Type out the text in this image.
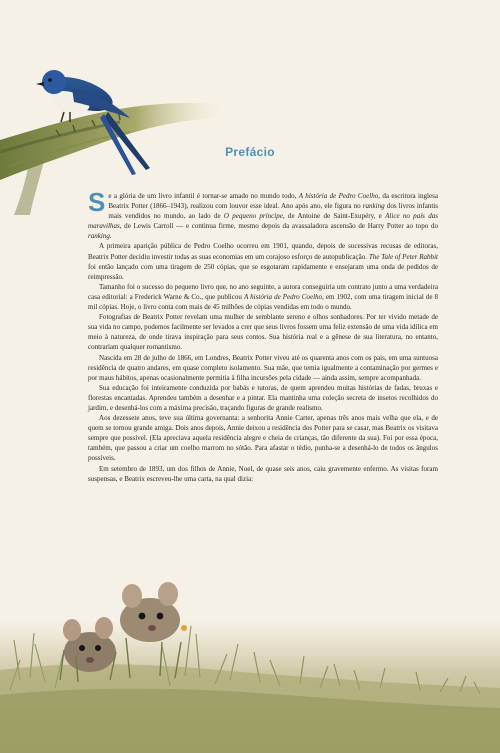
Prefácio

Se a glória de um livro infantil é tornar-se amado no mundo todo, A história de Pedro Coelho, da escritora inglesa Beatrix Potter (1866–1943), realizou com louvor esse ideal. Ano após ano, ele figura no ranking dos livros infantis mais vendidos no mundo, ao lado de O pequeno príncipe, de Antoine de Saint-Exupéry, e Alice no país das maravilhas, de Lewis Carroll — e continua firme, mesmo depois da avassaladora ascensão de Harry Potter ao topo do ranking.

A primeira aparição pública de Pedro Coelho ocorreu em 1901, quando, depois de sucessivas recusas de editoras, Beatrix Potter decidiu investir todas as suas economias em um corajoso esforço de autopublicação. The Tale of Peter Rabbit foi então lançado com uma tiragem de 250 cópias, que se esgotaram rapidamente e ensejaram uma onda de pedidos de reimpressão.

Tamanho foi o sucesso do pequeno livro que, no ano seguinte, a autora conseguiria um contrato junto a uma verdadeira casa editorial: a Frederick Warne & Co., que publicou A história de Pedro Coelho, em 1902, com uma tiragem inicial de 8 mil cópias. Hoje, o livro conta com mais de 45 milhões de cópias vendidas em todo o mundo.

Fotografias de Beatrix Potter revelam uma mulher de semblante sereno e olhos sonhadores. Por ter vivido metade de sua vida no campo, podemos facilmente ser levados a crer que seus livros fossem uma feliz extensão de uma vida idílica em meio à natureza, de onde tirava inspiração para seus contos. Sua história real e a gênese de sua literatura, no entanto, contrariam qualquer romantismo.

Nascida em 28 de julho de 1866, em Londres, Beatrix Potter viveu até os quarenta anos com os pais, em uma suntuosa residência de quatro andares, em quase completo isolamento. Sua mãe, que temia igualmente a contaminação por germes e por maus hábitos, apenas ocasionalmente permitia à filha incursões pela cidade — ainda assim, sempre acompanhada.

Sua educação foi inteiramente conduzida por babás e tutoras, de quem aprendeu muitas histórias de fadas, bruxas e florestas encantadas. Aprendeu também a desenhar e a pintar. Ela mantinha uma coleção secreta de insetos recolhidos do jardim, e desenhá-los com a máxima precisão, traçando figuras de grande realismo.

Aos dezessete anos, teve sua última governanta: a senhorita Annie Carter, apenas três anos mais velha que ela, e de quem se tornou grande amiga. Dois anos depois, Annie deixou a residência dos Potter para se casar, mas Beatrix os visitava sempre que possível. (Ela apreciava aquela residência alegre e cheia de crianças, tão diferente da sua). Foi por essa época, também, que passou a criar um coelho marrom no sótão. Para afastar o tédio, punha-se a desenhá-lo de todos os ângulos possíveis.

Em setembro de 1893, um dos filhos de Annie, Noel, de quase seis anos, caiu gravemente enfermo. As visitas foram suspensas, e Beatrix escreveu-lhe uma carta, na qual dizia:
